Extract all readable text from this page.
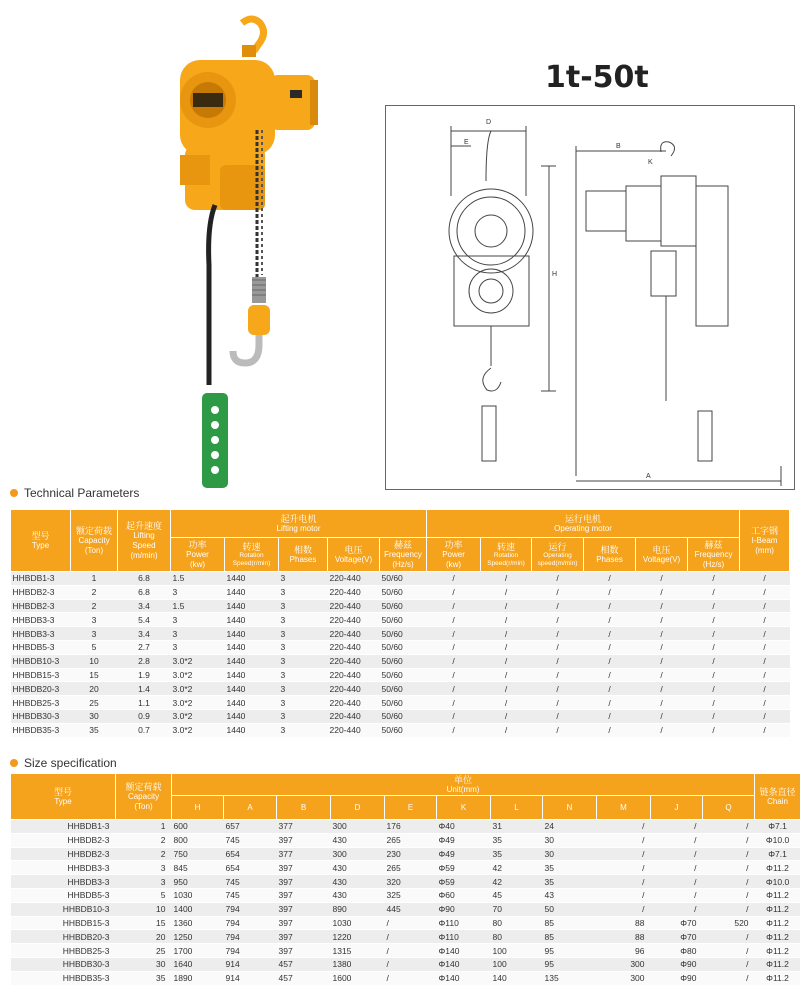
1t-50t
D
E
H
B
K
A
Technical Parameters
型号
Type	额定荷载
Capacity
(Ton)	起升速度
Lifting
Speed
(m/min)	起升电机
Lifting motor					运行电机
Operating motor						工字钢
I-Beam
(mm)

			功率
Power
(kw)	转速
Rotation
Speed(r/min)	相数
Phases	电压
Voltage(V)	赫兹
Frequency
(Hz/s)	功率
Power
(kw)	转速
Rotation
Speed(r/min)	运行
Operating
speed(m/min)	相数
Phases	电压
Voltage(V)	赫兹
Frequency
(Hz/s)	

HHBDB1-3	1	6.8	1.5	1440	3	220-440	50/60	/	/	/	/	/	/	/
HHBDB2-3	2	6.8	3	1440	3	220-440	50/60	/	/	/	/	/	/	/
HHBDB2-3	2	3.4	1.5	1440	3	220-440	50/60	/	/	/	/	/	/	/
HHBDB3-3	3	5.4	3	1440	3	220-440	50/60	/	/	/	/	/	/	/
HHBDB3-3	3	3.4	3	1440	3	220-440	50/60	/	/	/	/	/	/	/
HHBDB5-3	5	2.7	3	1440	3	220-440	50/60	/	/	/	/	/	/	/
HHBDB10-3	10	2.8	3.0*2	1440	3	220-440	50/60	/	/	/	/	/	/	/
HHBDB15-3	15	1.9	3.0*2	1440	3	220-440	50/60	/	/	/	/	/	/	/
HHBDB20-3	20	1.4	3.0*2	1440	3	220-440	50/60	/	/	/	/	/	/	/
HHBDB25-3	25	1.1	3.0*2	1440	3	220-440	50/60	/	/	/	/	/	/	/
HHBDB30-3	30	0.9	3.0*2	1440	3	220-440	50/60	/	/	/	/	/	/	/
HHBDB35-3	35	0.7	3.0*2	1440	3	220-440	50/60	/	/	/	/	/	/	/
Size specification
型号
Type	额定荷载
Capacity
(Ton)	单位
Unit(mm)											链条直径
Chain

		H	A	B	D	E	K	L	N	M	J	Q	

HHBDB1-3	1	600	657	377	300	176	Φ40	31	24	/	/	/	Φ7.1
HHBDB2-3	2	800	745	397	430	265	Φ49	35	30	/	/	/	Φ10.0
HHBDB2-3	2	750	654	377	300	230	Φ49	35	30	/	/	/	Φ7.1
HHBDB3-3	3	845	654	397	430	265	Φ59	42	35	/	/	/	Φ11.2
HHBDB3-3	3	950	745	397	430	320	Φ59	42	35	/	/	/	Φ10.0
HHBDB5-3	5	1030	745	397	430	325	Φ60	45	43	/	/	/	Φ11.2
HHBDB10-3	10	1400	794	397	890	445	Φ90	70	50	/	/	/	Φ11.2
HHBDB15-3	15	1360	794	397	1030	/	Φ110	80	85	88	Φ70	520	Φ11.2
HHBDB20-3	20	1250	794	397	1220	/	Φ110	80	85	88	Φ70	/	Φ11.2
HHBDB25-3	25	1700	794	397	1315	/	Φ140	100	95	96	Φ80	/	Φ11.2
HHBDB30-3	30	1640	914	457	1380	/	Φ140	100	95	300	Φ90	/	Φ11.2
HHBDB35-3	35	1890	914	457	1600	/	Φ140	140	135	300	Φ90	/	Φ11.2
